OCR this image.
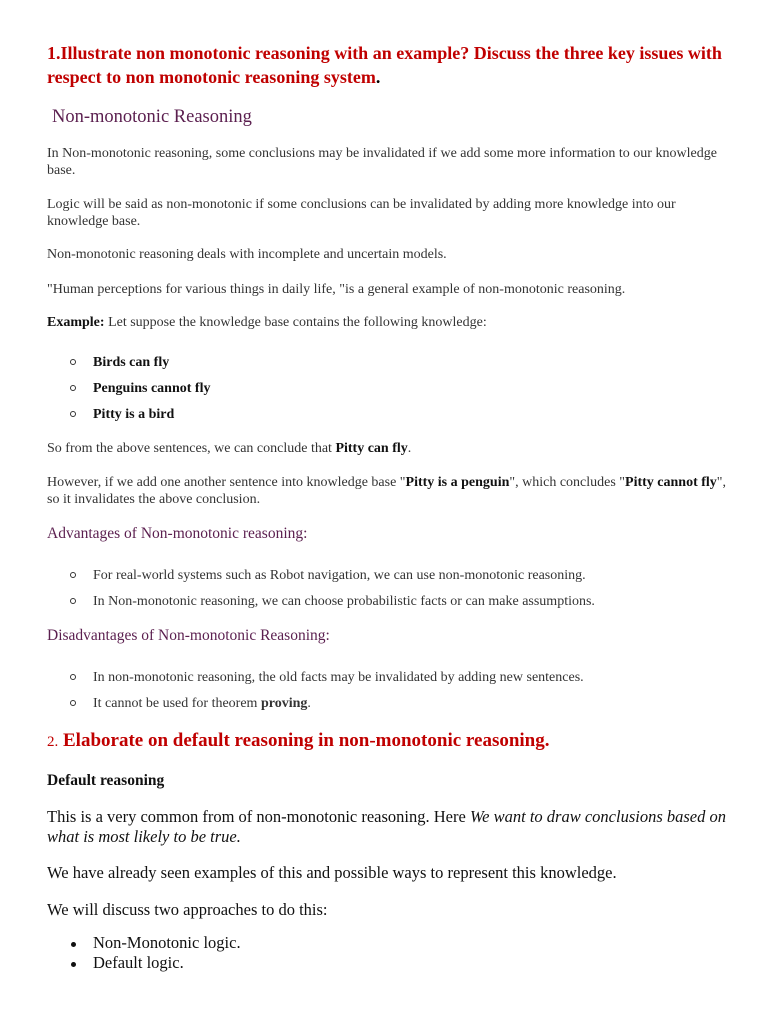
1.Illustrate non monotonic reasoning with an example? Discuss the three key issues with respect to non monotonic reasoning system.
Non-monotonic Reasoning
In Non-monotonic reasoning, some conclusions may be invalidated if we add some more information to our knowledge base.
Logic will be said as non-monotonic if some conclusions can be invalidated by adding more knowledge into our knowledge base.
Non-monotonic reasoning deals with incomplete and uncertain models.
"Human perceptions for various things in daily life, "is a general example of non-monotonic reasoning.
Example: Let suppose the knowledge base contains the following knowledge:
Birds can fly
Penguins cannot fly
Pitty is a bird
So from the above sentences, we can conclude that Pitty can fly.
However, if we add one another sentence into knowledge base "Pitty is a penguin", which concludes "Pitty cannot fly", so it invalidates the above conclusion.
Advantages of Non-monotonic reasoning:
For real-world systems such as Robot navigation, we can use non-monotonic reasoning.
In Non-monotonic reasoning, we can choose probabilistic facts or can make assumptions.
Disadvantages of Non-monotonic Reasoning:
In non-monotonic reasoning, the old facts may be invalidated by adding new sentences.
It cannot be used for theorem proving.
2. Elaborate on default reasoning in non-monotonic reasoning.
Default reasoning
This is a very common from of non-monotonic reasoning. Here We want to draw conclusions based on what is most likely to be true.
We have already seen examples of this and possible ways to represent this knowledge.
We will discuss two approaches to do this:
Non-Monotonic logic.
Default logic.
